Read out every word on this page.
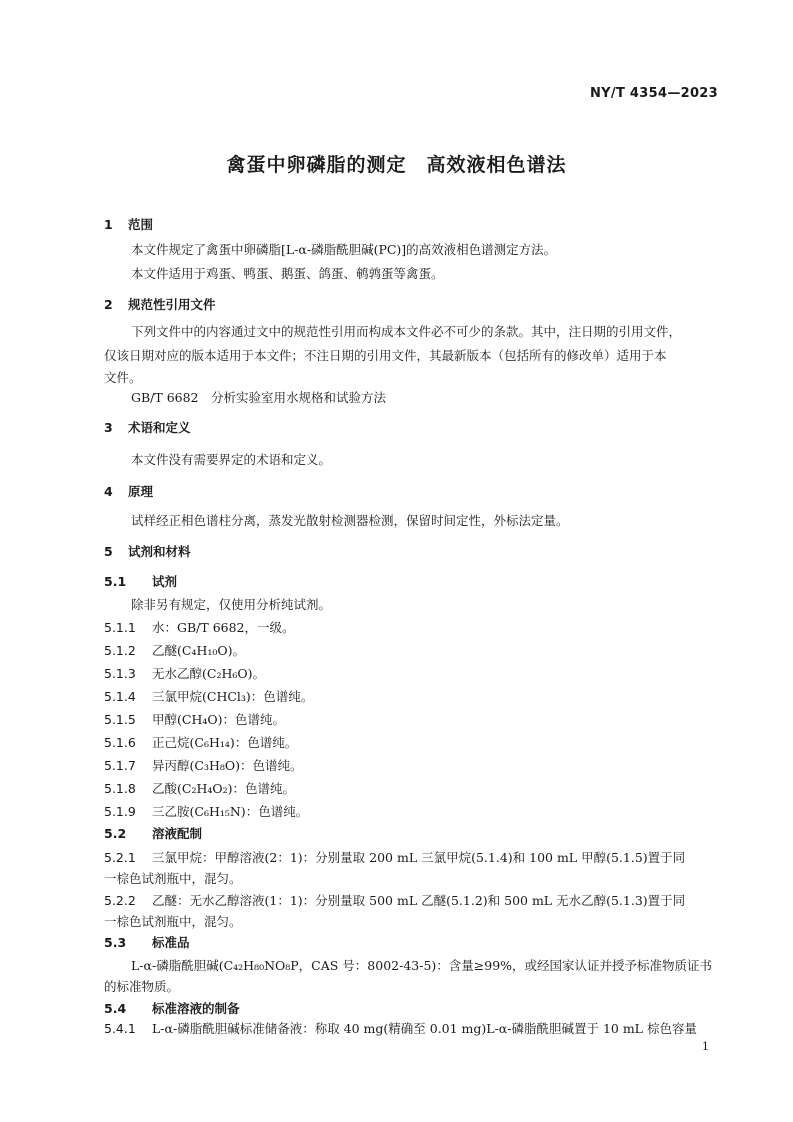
NY/T 4354—2023
禽蛋中卵磷脂的测定　高效液相色谱法
1 范围
本文件规定了禽蛋中卵磷脂[L-α-磷脂酰胆碱(PC)]的高效液相色谱测定方法。
本文件适用于鸡蛋、鸭蛋、鹅蛋、鸽蛋、鹌鹑蛋等禽蛋。
2 规范性引用文件
下列文件中的内容通过文中的规范性引用而构成本文件必不可少的条款。其中，注日期的引用文件，
仅该日期对应的版本适用于本文件；不注日期的引用文件，其最新版本（包括所有的修改单）适用于本
文件。
GB/T 6682　分析实验室用水规格和试验方法
3 术语和定义
本文件没有需要界定的术语和定义。
4 原理
试样经正相色谱柱分离，蒸发光散射检测器检测，保留时间定性，外标法定量。
5 试剂和材料
5.1 试剂
除非另有规定，仅使用分析纯试剂。
5.1.1 水：GB/T 6682，一级。
5.1.2 乙醚(C₄H₁₀O)。
5.1.3 无水乙醇(C₂H₆O)。
5.1.4 三氯甲烷(CHCl₃)：色谱纯。
5.1.5 甲醇(CH₄O)：色谱纯。
5.1.6 正己烷(C₆H₁₄)：色谱纯。
5.1.7 异丙醇(C₃H₈O)：色谱纯。
5.1.8 乙酸(C₂H₄O₂)：色谱纯。
5.1.9 三乙胺(C₆H₁₅N)：色谱纯。
5.2 溶液配制
5.2.1 三氯甲烷：甲醇溶液(2：1)：分别量取 200 mL 三氯甲烷(5.1.4)和 100 mL 甲醇(5.1.5)置于同
一棕色试剂瓶中，混匀。
5.2.2 乙醚：无水乙醇溶液(1：1)：分别量取 500 mL 乙醚(5.1.2)和 500 mL 无水乙醇(5.1.3)置于同
一棕色试剂瓶中，混匀。
5.3 标准品
L-α-磷脂酰胆碱(C₄₂H₈₀NO₈P，CAS 号：8002-43-5)：含量≥99%，或经国家认证并授予标准物质证书
的标准物质。
5.4 标准溶液的制备
5.4.1 L-α-磷脂酰胆碱标准储备液：称取 40 mg(精确至 0.01 mg)L-α-磷脂酰胆碱置于 10 mL 棕色容量
1
